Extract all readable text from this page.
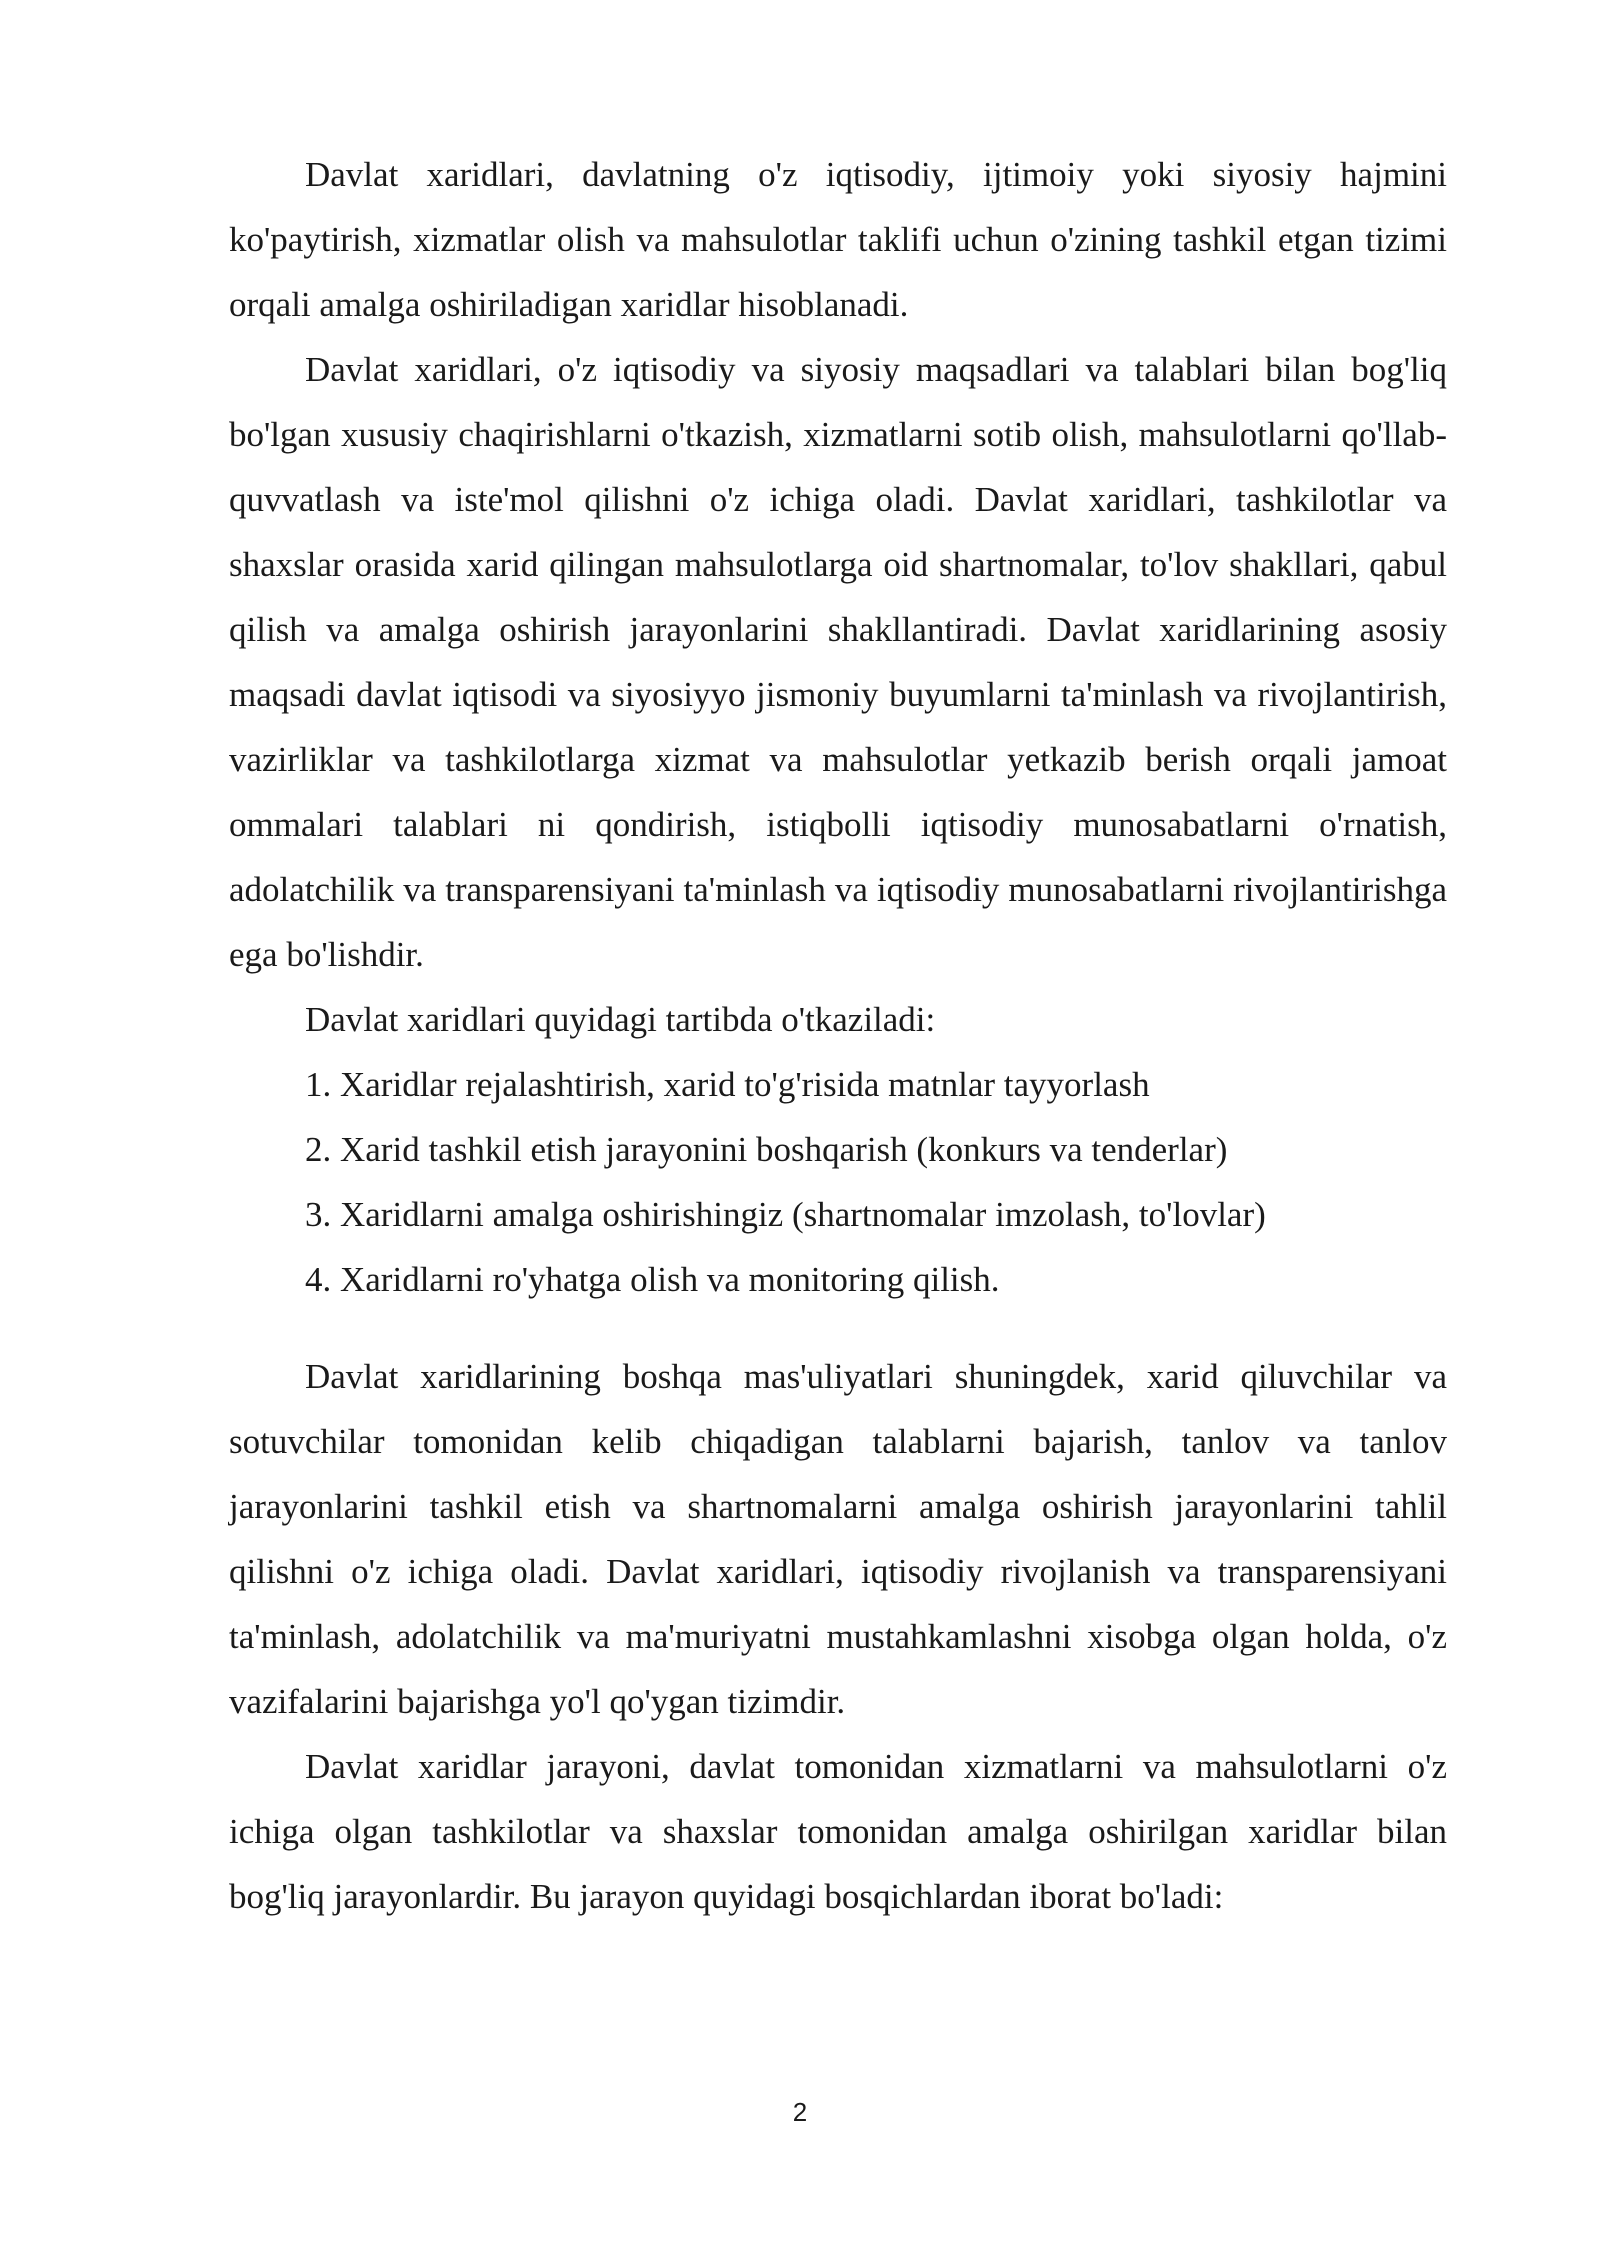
Davlat xaridlari, davlatning o'z iqtisodiy, ijtimoiy yoki siyosiy hajmini ko'paytirish, xizmatlar olish va mahsulotlar taklifi uchun o'zining tashkil etgan tizimi orqali amalga oshiriladigan xaridlar hisoblanadi.

Davlat xaridlari, o'z iqtisodiy va siyosiy maqsadlari va talablari bilan bog'liq bo'lgan xususiy chaqirishlarni o'tkazish, xizmatlarni sotib olish, mahsulotlarni qo'llab-quvvatlash va iste'mol qilishni o'z ichiga oladi. Davlat xaridlari, tashkilotlar va shaxslar orasida xarid qilingan mahsulotlarga oid shartnomalar, to'lov shakllari, qabul qilish va amalga oshirish jarayonlarini shakllantiradi. Davlat xaridlarining asosiy maqsadi davlat iqtisodi va siyosiyyo jismoniy buyumlarni ta'minlash va rivojlantirish, vazirliklar va tashkilotlarga xizmat va mahsulotlar yetkazib berish orqali jamoat ommalari talablari ni qondirish, istiqbolli iqtisodiy munosabatlarni o'rnatish, adolatchilik va transparensiyani ta'minlash va iqtisodiy munosabatlarni rivojlantirishga ega bo'lishdir.

Davlat xaridlari quyidagi tartibda o'tkaziladi:

1. Xaridlar rejalashtirish, xarid to'g'risida matnlar tayyorlash

2. Xarid tashkil etish jarayonini boshqarish (konkurs va tenderlar)

3. Xaridlarni amalga oshirishingiz (shartnomalar imzolash, to'lovlar)

4. Xaridlarni ro'yhatga olish va monitoring qilish.

Davlat xaridlarining boshqa mas'uliyatlari shuningdek, xarid qiluvchilar va sotuvchilar tomonidan kelib chiqadigan talablarni bajarish, tanlov va tanlov jarayonlarini tashkil etish va shartnomalarni amalga oshirish jarayonlarini tahlil qilishni o'z ichiga oladi. Davlat xaridlari, iqtisodiy rivojlanish va transparensiyani ta'minlash, adolatchilik va ma'muriyatni mustahkamlashni xisobga olgan holda, o'z vazifalarini bajarishga yo'l qo'ygan tizimdir.

Davlat xaridlar jarayoni, davlat tomonidan xizmatlarni va mahsulotlarni o'z ichiga olgan tashkilotlar va shaxslar tomonidan amalga oshirilgan xaridlar bilan bog'liq jarayonlardir. Bu jarayon quyidagi bosqichlardan iborat bo'ladi:

2
